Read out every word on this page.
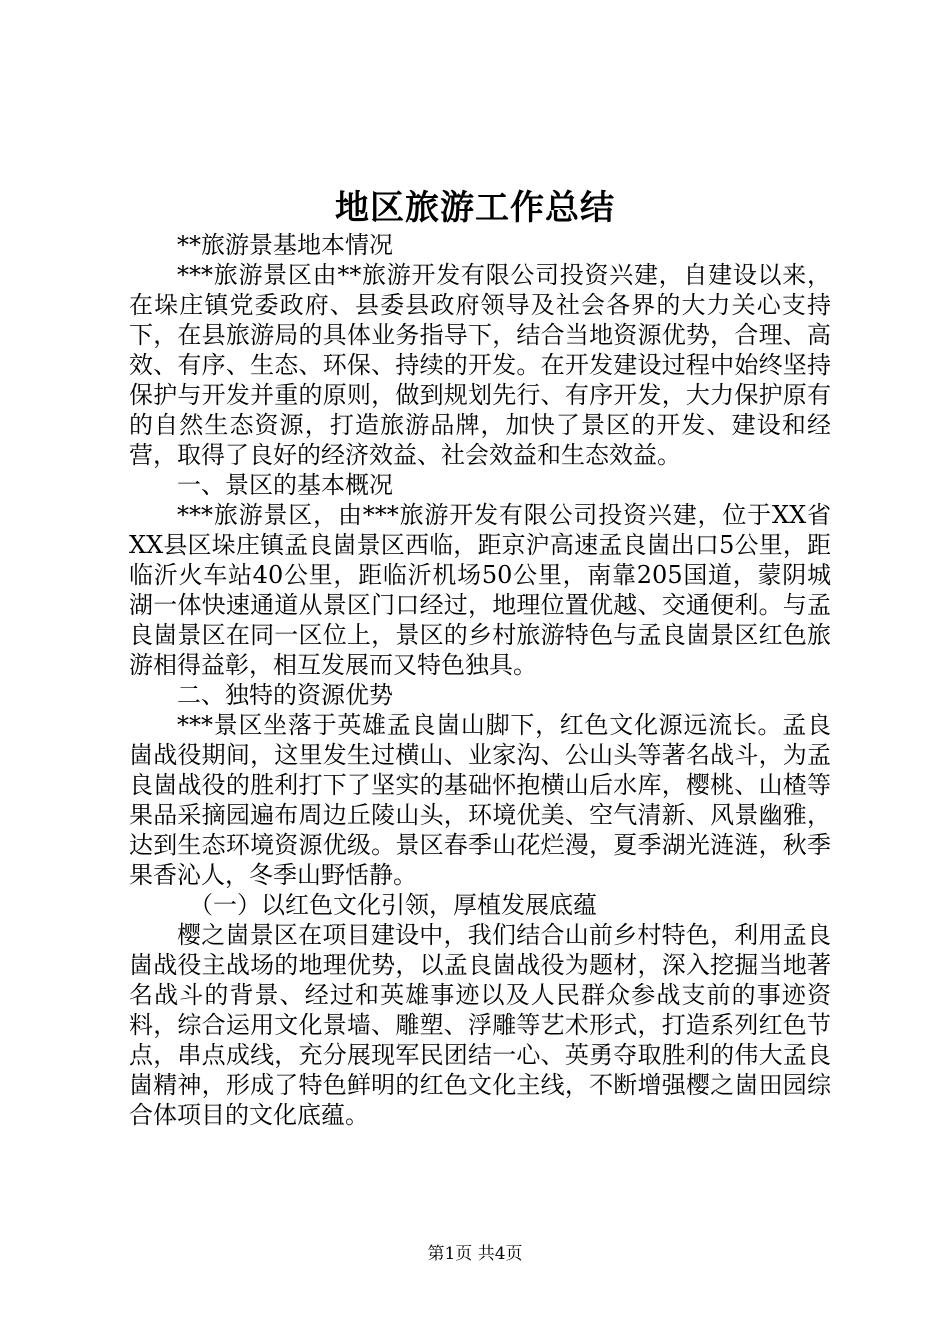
地区旅游工作总结

**旅游景基地本情况

***旅游景区由**旅游开发有限公司投资兴建，自建设以来，在垛庄镇党委政府、县委县政府领导及社会各界的大力关心支持下，在县旅游局的具体业务指导下，结合当地资源优势，合理、高效、有序、生态、环保、持续的开发。在开发建设过程中始终坚持保护与开发并重的原则，做到规划先行、有序开发，大力保护原有的自然生态资源，打造旅游品牌，加快了景区的开发、建设和经营，取得了良好的经济效益、社会效益和生态效益。

一、景区的基本概况

***旅游景区，由***旅游开发有限公司投资兴建，位于XX省XX县区垛庄镇孟良崮景区西临，距京沪高速孟良崮出口5公里，距临沂火车站40公里，距临沂机场50公里，南靠205国道，蒙阴城湖一体快速通道从景区门口经过，地理位置优越、交通便利。与孟良崮景区在同一区位上，景区的乡村旅游特色与孟良崮景区红色旅游相得益彰，相互发展而又特色独具。

二、独特的资源优势

***景区坐落于英雄孟良崮山脚下，红色文化源远流长。孟良崮战役期间，这里发生过横山、业家沟、公山头等著名战斗，为孟良崮战役的胜利打下了坚实的基础怀抱横山后水库，樱桃、山楂等果品采摘园遍布周边丘陵山头，环境优美、空气清新、风景幽雅，达到生态环境资源优级。景区春季山花烂漫，夏季湖光涟涟，秋季果香沁人，冬季山野恬静。

（一）以红色文化引领，厚植发展底蕴

樱之崮景区在项目建设中，我们结合山前乡村特色，利用孟良崮战役主战场的地理优势，以孟良崮战役为题材，深入挖掘当地著名战斗的背景、经过和英雄事迹以及人民群众参战支前的事迹资料，综合运用文化景墙、雕塑、浮雕等艺术形式，打造系列红色节点，串点成线，充分展现军民团结一心、英勇夺取胜利的伟大孟良崮精神，形成了特色鲜明的红色文化主线，不断增强樱之崮田园综合体项目的文化底蕴。

第1页 共4页
